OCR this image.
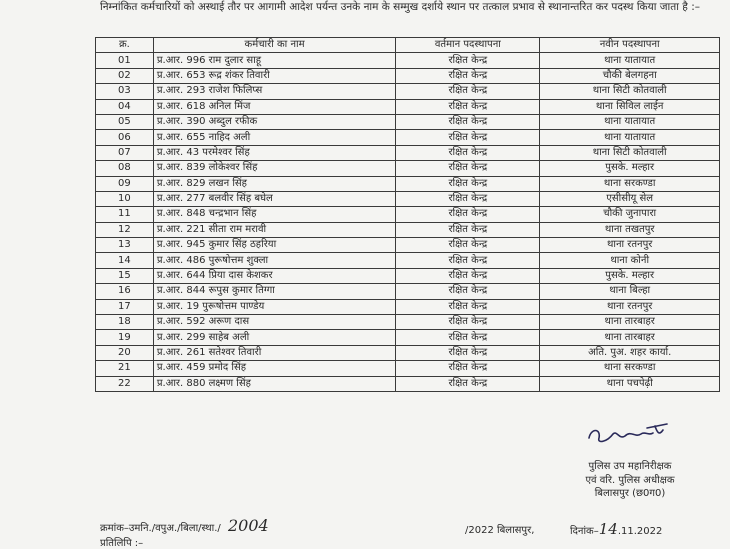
निम्नांकित कर्मचारियों को अस्थाई तौर पर आगामी आदेश पर्यन्त उनके नाम के सम्मुख दर्शाये स्थान पर तत्काल प्रभाव से स्थानान्तरित कर पदस्थ किया जाता है :–
क्र.	कर्मचारी का नाम	वर्तमान पदस्थापना	नवीन पदस्थापना
01	प्र.आर. 996 राम दुलार साहू	रक्षित केन्द्र	थाना यातायात
02	प्र.आर. 653 रूद्र शंकर तिवारी	रक्षित केन्द्र	चौकी बेलगहना
03	प्र.आर. 293 राजेश फिलिप्स	रक्षित केन्द्र	थाना सिटी कोतवाली
04	प्र.आर. 618 अनिल मिंज	रक्षित केन्द्र	थाना सिविल लाईन
05	प्र.आर. 390 अब्दुल रफीक	रक्षित केन्द्र	थाना यातायात
06	प्र.आर. 655 नाहिद अली	रक्षित केन्द्र	थाना यातायात
07	प्र.आर. 43 परमेश्वर सिंह	रक्षित केन्द्र	थाना सिटी कोतवाली
08	प्र.आर. 839 लोकेश्वर सिंह	रक्षित केन्द्र	पुसके. मल्हार
09	प्र.आर. 829 लखन सिंह	रक्षित केन्द्र	थाना सरकण्डा
10	प्र.आर. 277 बलवीर सिंह बघेल	रक्षित केन्द्र	एसीसीयू सेल
11	प्र.आर. 848 चन्द्रभान सिंह	रक्षित केन्द्र	चौकी जुनापारा
12	प्र.आर. 221 सीता राम मरावी	रक्षित केन्द्र	थाना तखतपुर
13	प्र.आर. 945 कुमार सिंह ठहरिया	रक्षित केन्द्र	थाना रतनपुर
14	प्र.आर. 486 पुरूषोत्तम शुक्ला	रक्षित केन्द्र	थाना कोनी
15	प्र.आर. 644 प्रिया दास केशकर	रक्षित केन्द्र	पुसके. मल्हार
16	प्र.आर. 844 रूपुस कुमार तिग्गा	रक्षित केन्द्र	थाना बिल्हा
17	प्र.आर. 19 पुरूषोत्तम पाण्डेय	रक्षित केन्द्र	थाना रतनपुर
18	प्र.आर. 592 अरूण दास	रक्षित केन्द्र	थाना तारबाहर
19	प्र.आर. 299 साहेब अली	रक्षित केन्द्र	थाना तारबाहर
20	प्र.आर. 261 सतेश्वर तिवारी	रक्षित केन्द्र	अति. पुअ. शहर कार्या.
21	प्र.आर. 459 प्रमोद सिंह	रक्षित केन्द्र	थाना सरकण्डा
22	प्र.आर. 880 लक्ष्मण सिंह	रक्षित केन्द्र	थाना पचपेढ़ी
पुलिस उप महानिरीक्षक
एवं वरि. पुलिस अधीक्षक
बिलासपुर (छ0ग0)
क्रमांक–उमनि./वपुअ./बिला/स्था./ 2004	/2022 बिलासपुर,	दिनांक–14.11.2022
प्रतिलिपि :–
